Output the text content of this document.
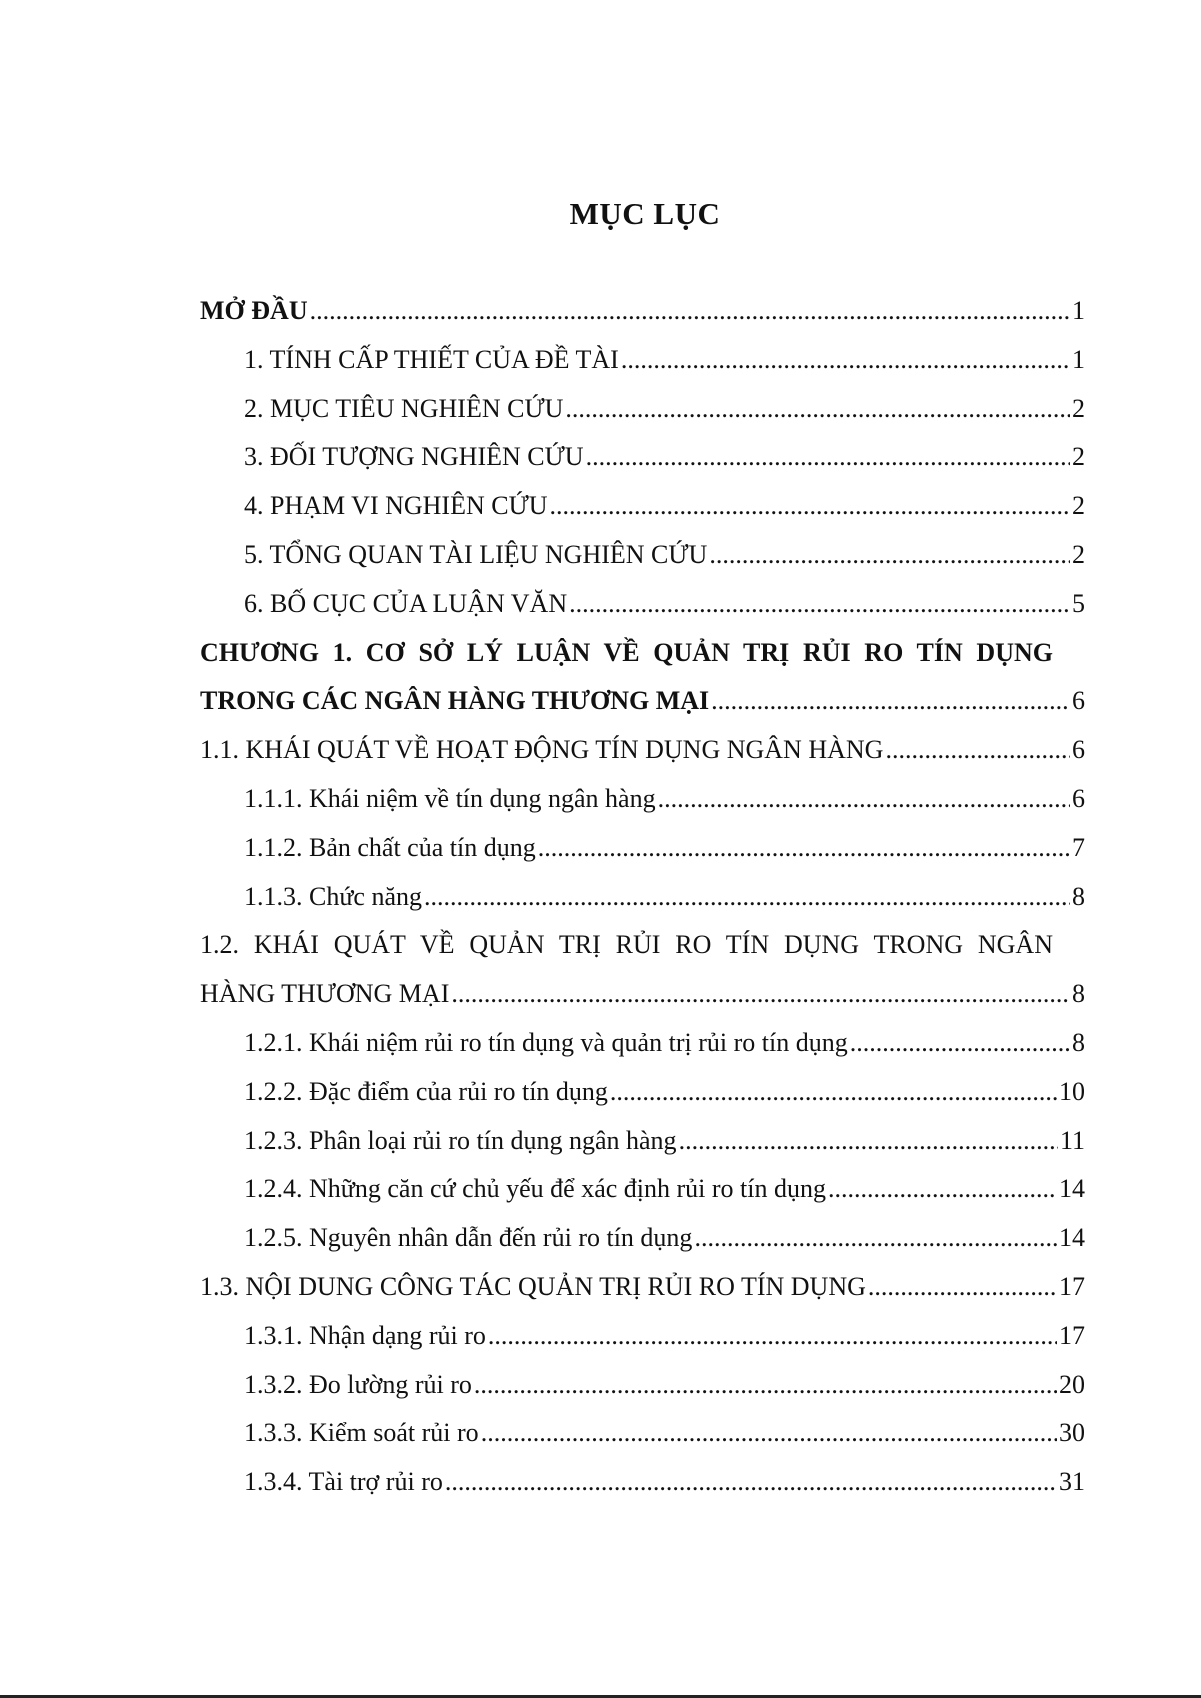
MỤC LỤC
MỞ ĐẦU .....	1
1. TÍNH CẤP THIẾT CỦA ĐỀ TÀI .....	1
2. MỤC TIÊU NGHIÊN CỨU .....	2
3. ĐỐI TƯỢNG NGHIÊN CỨU .....	2
4. PHẠM VI NGHIÊN CỨU .....	2
5. TỔNG QUAN TÀI LIỆU NGHIÊN CỨU .....	2
6. BỐ CỤC CỦA LUẬN VĂN .....	5
CHƯƠNG 1. CƠ SỞ LÝ LUẬN VỀ QUẢN TRỊ RỦI RO TÍN DỤNG
TRONG CÁC NGÂN HÀNG THƯƠNG MẠI .....	6
1.1. KHÁI QUÁT VỀ HOẠT ĐỘNG TÍN DỤNG NGÂN HÀNG .....	6
1.1.1. Khái niệm về tín dụng ngân hàng .....	6
1.1.2. Bản chất của tín dụng .....	7
1.1.3. Chức năng .....	8
1.2. KHÁI QUÁT VỀ QUẢN TRỊ RỦI RO TÍN DỤNG TRONG NGÂN
HÀNG THƯƠNG MẠI .....	8
1.2.1. Khái niệm rủi ro tín dụng và quản trị rủi ro tín dụng .....	8
1.2.2. Đặc điểm của rủi ro tín dụng .....	10
1.2.3. Phân loại rủi ro tín dụng ngân hàng .....	11
1.2.4. Những căn cứ chủ yếu để xác định rủi ro tín dụng .....	14
1.2.5. Nguyên nhân dẫn đến rủi ro tín dụng .....	14
1.3. NỘI DUNG CÔNG TÁC QUẢN TRỊ RỦI RO TÍN DỤNG .....	17
1.3.1. Nhận dạng rủi ro .....	17
1.3.2. Đo lường rủi ro .....	20
1.3.3. Kiểm soát rủi ro .....	30
1.3.4. Tài trợ rủi ro .....	31
